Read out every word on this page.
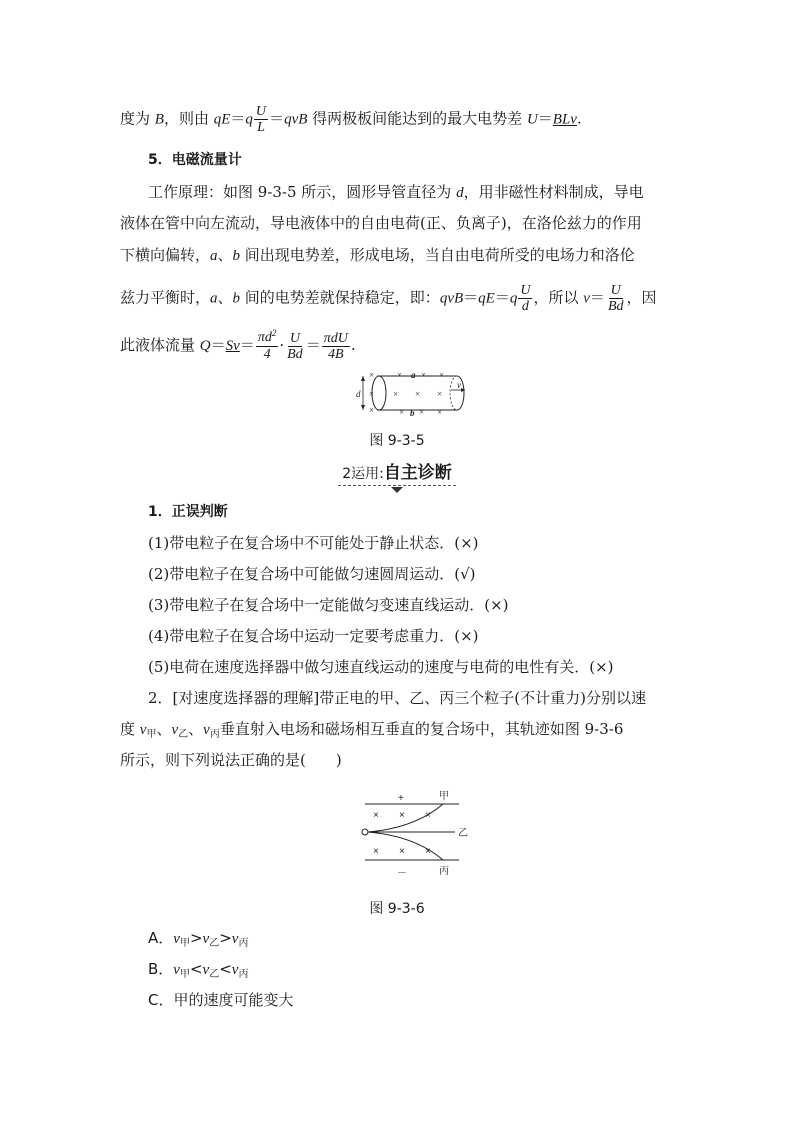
度为 B，则由 $qE=q \frac{U}{L} =qvB$ 得两极板间能达到的最大电势差 U＝BLv.
5．电磁流量计
工作原理：如图 9-3-5 所示，圆形导管直径为 d，用非磁性材料制成，导电
液体在管中向左流动，导电液体中的自由电荷(正、负离子)，在洛伦兹力的作用
下横向偏转，a、b 间出现电势差，形成电场，当自由电荷所受的电场力和洛伦
兹力平衡时，a、b 间的电势差就保持稳定，即：$qvB=qE=q \frac{U}{d}$ ，所以 $v= \frac{U}{Bd}$ ，因
此液体流量 $Q=Sv= \frac{\pi d^2}{4} \cdot \frac{U}{Bd} = \frac{\text{πdU}}{4B}$ .
d
×	× × ×
a
× × × ×
×	× × ×
b
v
图 9-3-5
2运用:自主诊断
1．正误判断
(1)带电粒子在复合场中不可能处于静止状态．(×)
(2)带电粒子在复合场中可能做匀速圆周运动．(√)
(3)带电粒子在复合场中一定能做匀变速直线运动．(×)
(4)带电粒子在复合场中运动一定要考虑重力．(×)
(5)电荷在速度选择器中做匀速直线运动的速度与电荷的电性有关．(×)
2．[对速度选择器的理解]带正电的甲、乙、丙三个粒子(不计重力)分别以速
度 $v_甲$、$v_乙$、$v_丙$垂直射入电场和磁场相互垂直的复合场中，其轨迹如图 9-3-6
所示，则下列说法正确的是(　　)
+
－
× × ×
× × ×
甲
乙
丙
图 9-3-6
A．$v_甲>v_乙>v_丙$
B．$v_甲<v_乙<v_丙$
C．甲的速度可能变大
